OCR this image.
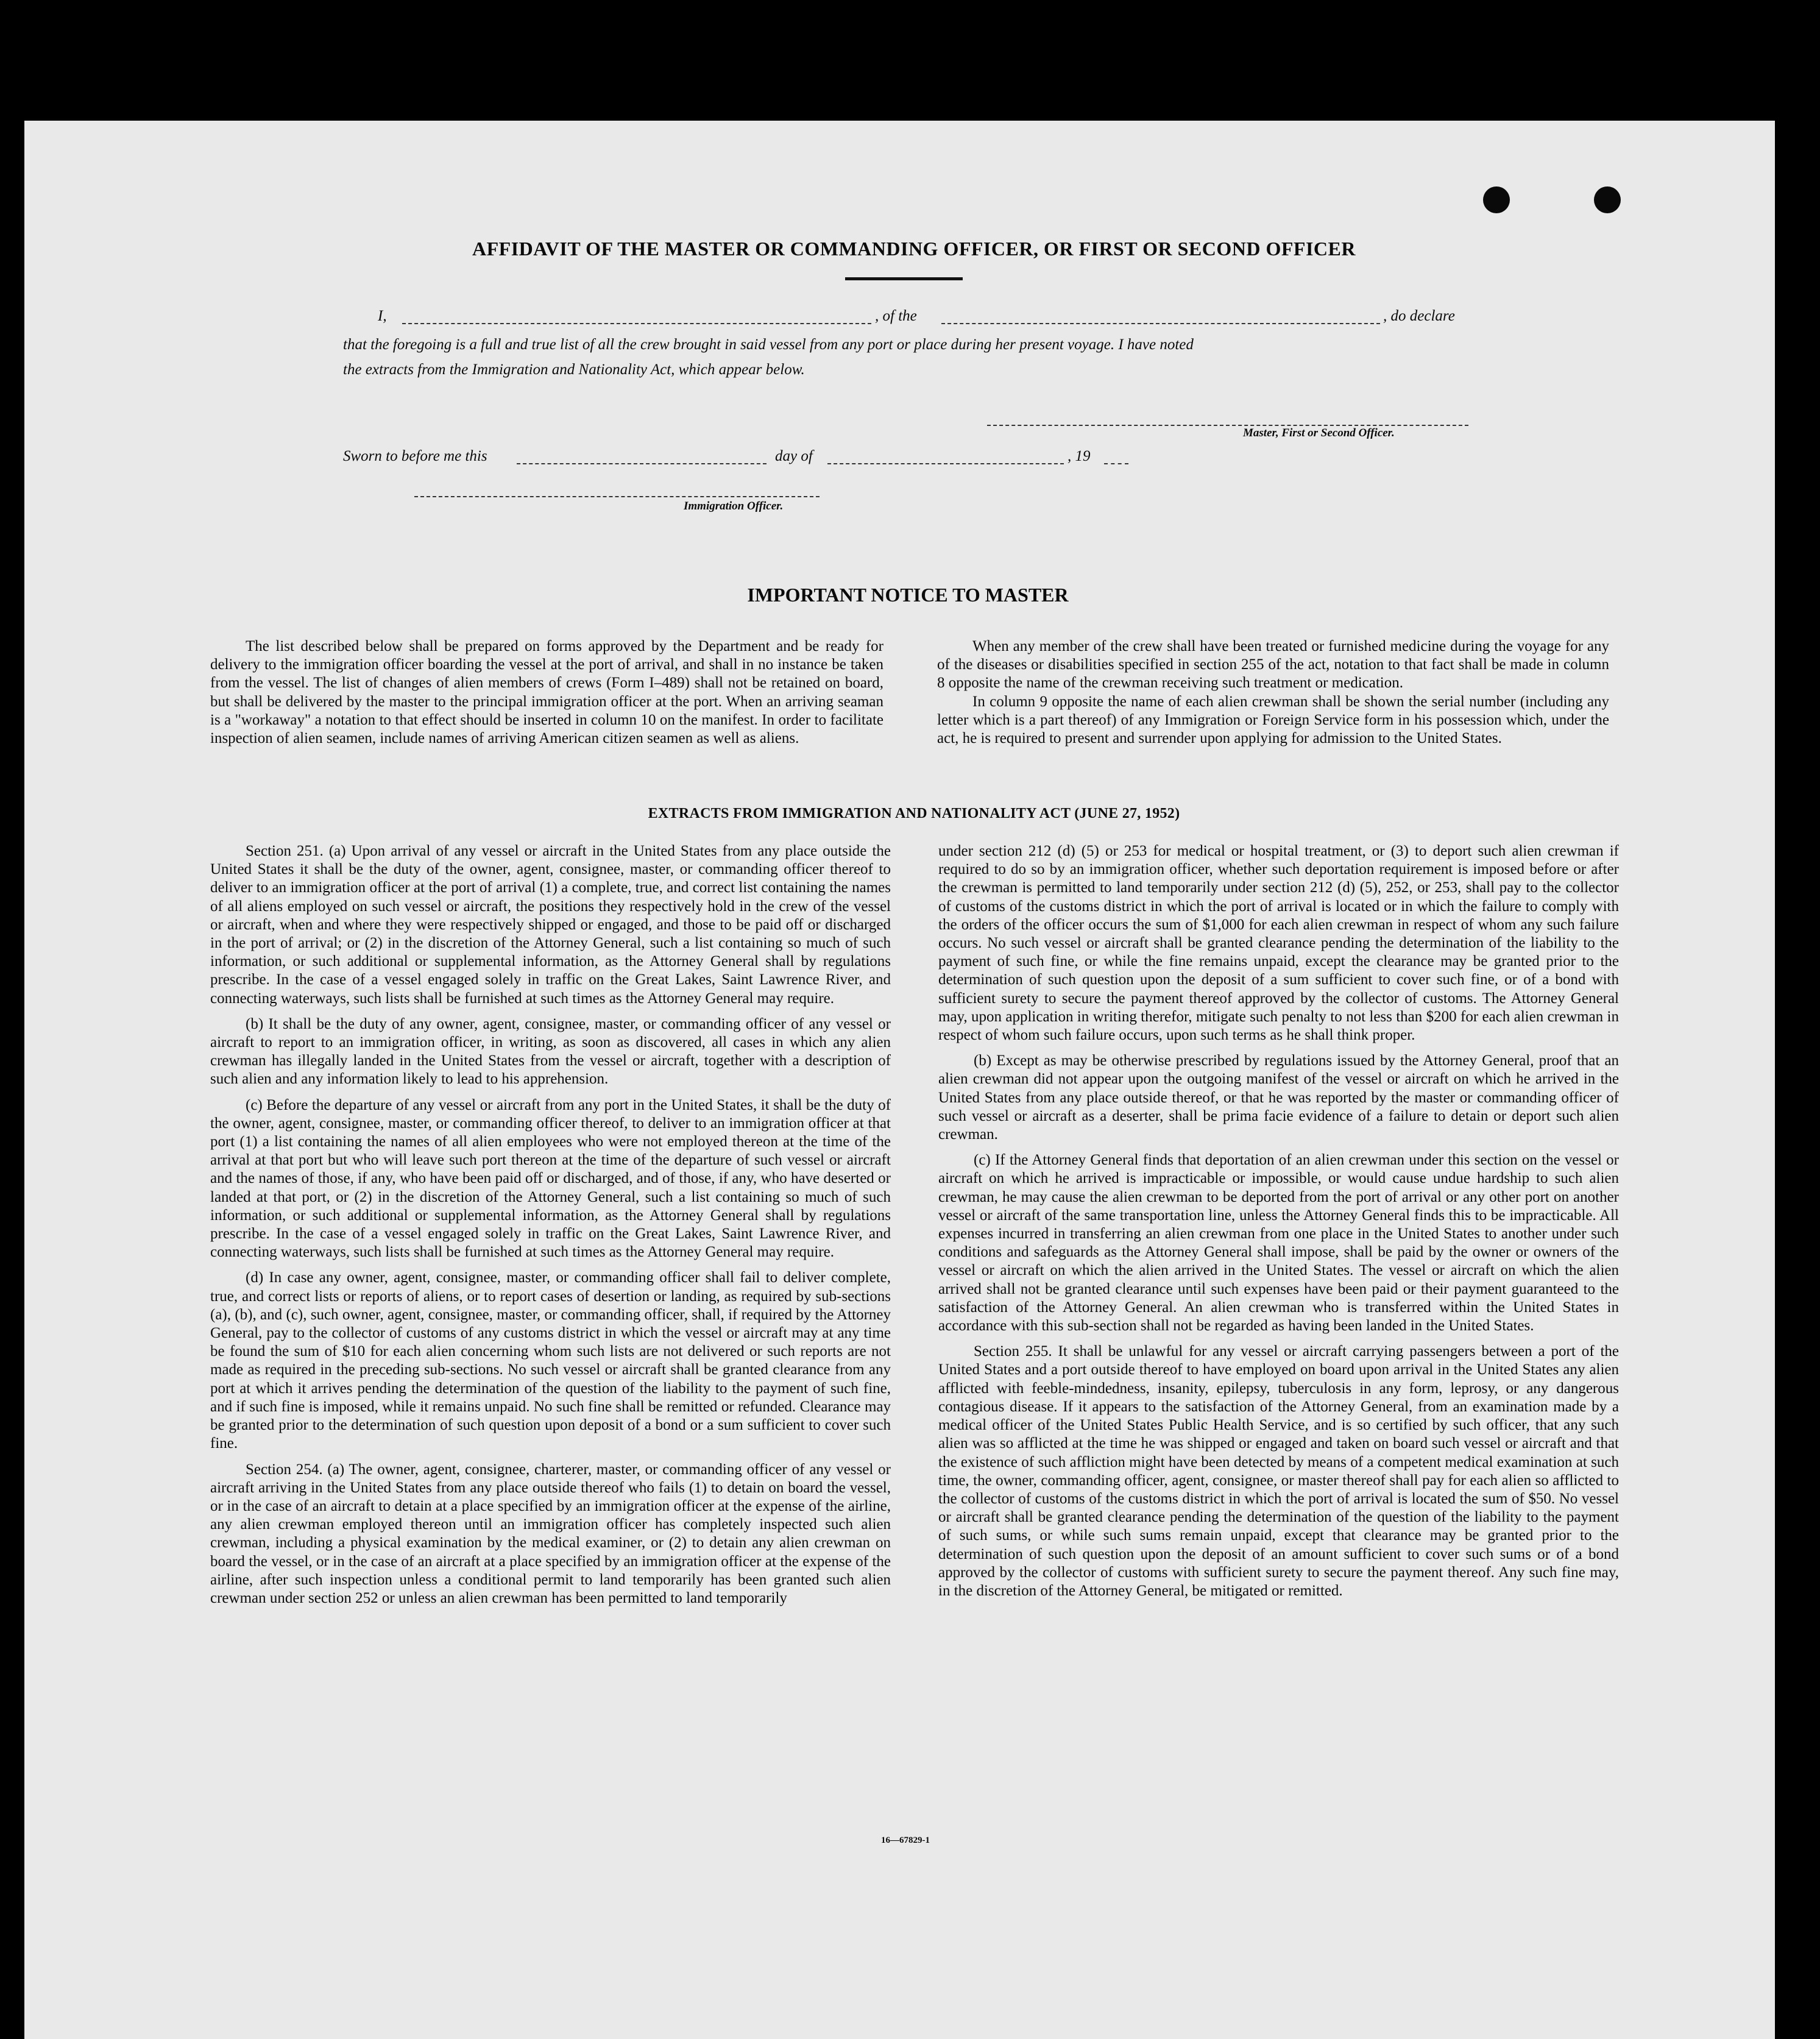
AFFIDAVIT OF THE MASTER OR COMMANDING OFFICER, OR FIRST OR SECOND OFFICER
I,	, of the	, do declare
that the foregoing is a full and true list of all the crew brought in said vessel from any port or place during her present voyage. I have noted
the extracts from the Immigration and Nationality Act, which appear below.
Master, First or Second Officer.
Sworn to before me this	day of	, 19
Immigration Officer.
IMPORTANT NOTICE TO MASTER

The list described below shall be prepared on forms approved by the Department and be ready for delivery to the immigration officer boarding the vessel at the port of arrival, and shall in no instance be taken from the vessel. The list of changes of alien members of crews (Form I–489) shall not be retained on board, but shall be delivered by the master to the principal immigration officer at the port. When an arriving seaman is a "workaway" a notation to that effect should be inserted in column 10 on the manifest. In order to facilitate inspection of alien seamen, include names of arriving American citizen seamen as well as aliens.

When any member of the crew shall have been treated or furnished medicine during the voyage for any of the diseases or disabilities specified in section 255 of the act, notation to that fact shall be made in column 8 opposite the name of the crewman receiving such treatment or medication.

In column 9 opposite the name of each alien crewman shall be shown the serial number (including any letter which is a part thereof) of any Immigration or Foreign Service form in his possession which, under the act, he is required to present and surrender upon applying for admission to the United States.

EXTRACTS FROM IMMIGRATION AND NATIONALITY ACT (JUNE 27, 1952)

Section 251. (a) Upon arrival of any vessel or aircraft in the United States from any place outside the United States it shall be the duty of the owner, agent, consignee, master, or commanding officer thereof to deliver to an immigration officer at the port of arrival (1) a complete, true, and correct list containing the names of all aliens employed on such vessel or aircraft, the positions they respectively hold in the crew of the vessel or aircraft, when and where they were respectively shipped or engaged, and those to be paid off or discharged in the port of arrival; or (2) in the discretion of the Attorney General, such a list containing so much of such information, or such additional or supplemental information, as the Attorney General shall by regulations prescribe. In the case of a vessel engaged solely in traffic on the Great Lakes, Saint Lawrence River, and connecting waterways, such lists shall be furnished at such times as the Attorney General may require.

(b) It shall be the duty of any owner, agent, consignee, master, or commanding officer of any vessel or aircraft to report to an immigration officer, in writing, as soon as discovered, all cases in which any alien crewman has illegally landed in the United States from the vessel or aircraft, together with a description of such alien and any information likely to lead to his apprehension.

(c) Before the departure of any vessel or aircraft from any port in the United States, it shall be the duty of the owner, agent, consignee, master, or commanding officer thereof, to deliver to an immigration officer at that port (1) a list containing the names of all alien employees who were not employed thereon at the time of the arrival at that port but who will leave such port thereon at the time of the departure of such vessel or aircraft and the names of those, if any, who have been paid off or discharged, and of those, if any, who have deserted or landed at that port, or (2) in the discretion of the Attorney General, such a list containing so much of such information, or such additional or supplemental information, as the Attorney General shall by regulations prescribe. In the case of a vessel engaged solely in traffic on the Great Lakes, Saint Lawrence River, and connecting waterways, such lists shall be furnished at such times as the Attorney General may require.

(d) In case any owner, agent, consignee, master, or commanding officer shall fail to deliver complete, true, and correct lists or reports of aliens, or to report cases of desertion or landing, as required by sub-sections (a), (b), and (c), such owner, agent, consignee, master, or commanding officer, shall, if required by the Attorney General, pay to the collector of customs of any customs district in which the vessel or aircraft may at any time be found the sum of $10 for each alien concerning whom such lists are not delivered or such reports are not made as required in the preceding sub-sections. No such vessel or aircraft shall be granted clearance from any port at which it arrives pending the determination of the question of the liability to the payment of such fine, and if such fine is imposed, while it remains unpaid. No such fine shall be remitted or refunded. Clearance may be granted prior to the determination of such question upon deposit of a bond or a sum sufficient to cover such fine.

Section 254. (a) The owner, agent, consignee, charterer, master, or commanding officer of any vessel or aircraft arriving in the United States from any place outside thereof who fails (1) to detain on board the vessel, or in the case of an aircraft to detain at a place specified by an immigration officer at the expense of the airline, any alien crewman employed thereon until an immigration officer has completely inspected such alien crewman, including a physical examination by the medical examiner, or (2) to detain any alien crewman on board the vessel, or in the case of an aircraft at a place specified by an immigration officer at the expense of the airline, after such inspection unless a conditional permit to land temporarily has been granted such alien crewman under section 252 or unless an alien crewman has been permitted to land temporarily

under section 212 (d) (5) or 253 for medical or hospital treatment, or (3) to deport such alien crewman if required to do so by an immigration officer, whether such deportation requirement is imposed before or after the crewman is permitted to land temporarily under section 212 (d) (5), 252, or 253, shall pay to the collector of customs of the customs district in which the port of arrival is located or in which the failure to comply with the orders of the officer occurs the sum of $1,000 for each alien crewman in respect of whom any such failure occurs. No such vessel or aircraft shall be granted clearance pending the determination of the liability to the payment of such fine, or while the fine remains unpaid, except the clearance may be granted prior to the determination of such question upon the deposit of a sum sufficient to cover such fine, or of a bond with sufficient surety to secure the payment thereof approved by the collector of customs. The Attorney General may, upon application in writing therefor, mitigate such penalty to not less than $200 for each alien crewman in respect of whom such failure occurs, upon such terms as he shall think proper.

(b) Except as may be otherwise prescribed by regulations issued by the Attorney General, proof that an alien crewman did not appear upon the outgoing manifest of the vessel or aircraft on which he arrived in the United States from any place outside thereof, or that he was reported by the master or commanding officer of such vessel or aircraft as a deserter, shall be prima facie evidence of a failure to detain or deport such alien crewman.

(c) If the Attorney General finds that deportation of an alien crewman under this section on the vessel or aircraft on which he arrived is impracticable or impossible, or would cause undue hardship to such alien crewman, he may cause the alien crewman to be deported from the port of arrival or any other port on another vessel or aircraft of the same transportation line, unless the Attorney General finds this to be impracticable. All expenses incurred in transferring an alien crewman from one place in the United States to another under such conditions and safeguards as the Attorney General shall impose, shall be paid by the owner or owners of the vessel or aircraft on which the alien arrived in the United States. The vessel or aircraft on which the alien arrived shall not be granted clearance until such expenses have been paid or their payment guaranteed to the satisfaction of the Attorney General. An alien crewman who is transferred within the United States in accordance with this sub-section shall not be regarded as having been landed in the United States.

Section 255. It shall be unlawful for any vessel or aircraft carrying passengers between a port of the United States and a port outside thereof to have employed on board upon arrival in the United States any alien afflicted with feeble-mindedness, insanity, epilepsy, tuberculosis in any form, leprosy, or any dangerous contagious disease. If it appears to the satisfaction of the Attorney General, from an examination made by a medical officer of the United States Public Health Service, and is so certified by such officer, that any such alien was so afflicted at the time he was shipped or engaged and taken on board such vessel or aircraft and that the existence of such affliction might have been detected by means of a competent medical examination at such time, the owner, commanding officer, agent, consignee, or master thereof shall pay for each alien so afflicted to the collector of customs of the customs district in which the port of arrival is located the sum of $50. No vessel or aircraft shall be granted clearance pending the determination of the question of the liability to the payment of such sums, or while such sums remain unpaid, except that clearance may be granted prior to the determination of such question upon the deposit of an amount sufficient to cover such sums or of a bond approved by the collector of customs with sufficient surety to secure the payment thereof. Any such fine may, in the discretion of the Attorney General, be mitigated or remitted.

16—67829-1
